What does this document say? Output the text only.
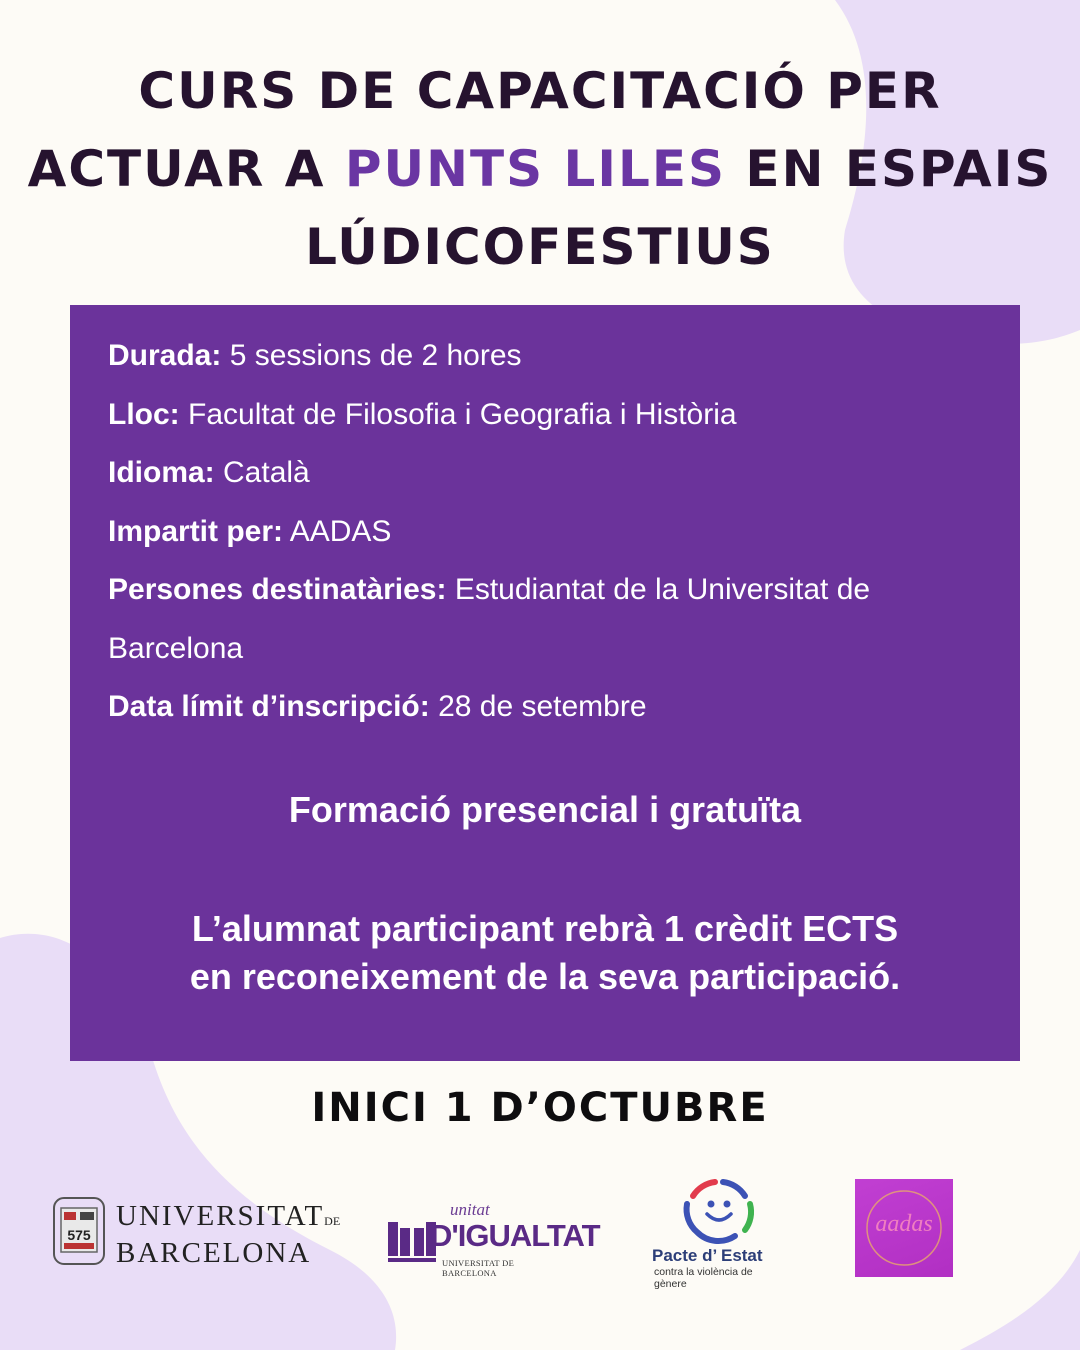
CURS DE CAPACITACIÓ PER
ACTUAR A PUNTS LILES EN ESPAIS
LÚDICOFESTIUS
Durada: 5 sessions de 2 hores
Lloc: Facultat de Filosofia i Geografia i Història
Idioma: Català
Impartit per: AADAS
Persones destinatàries: Estudiantat de la Universitat de Barcelona
Data límit d’inscripció: 28 de setembre
Formació presencial i gratuïta
L’alumnat participant rebrà 1 crèdit ECTS
en reconeixement de la seva participació.
INICI 1 D’OCTUBRE
575
UNIVERSITATDE
BARCELONA
unitat
D'IGUALTAT
UNIVERSITAT DE BARCELONA
Pacte d’ Estat
contra la violència de gènere
aadas
